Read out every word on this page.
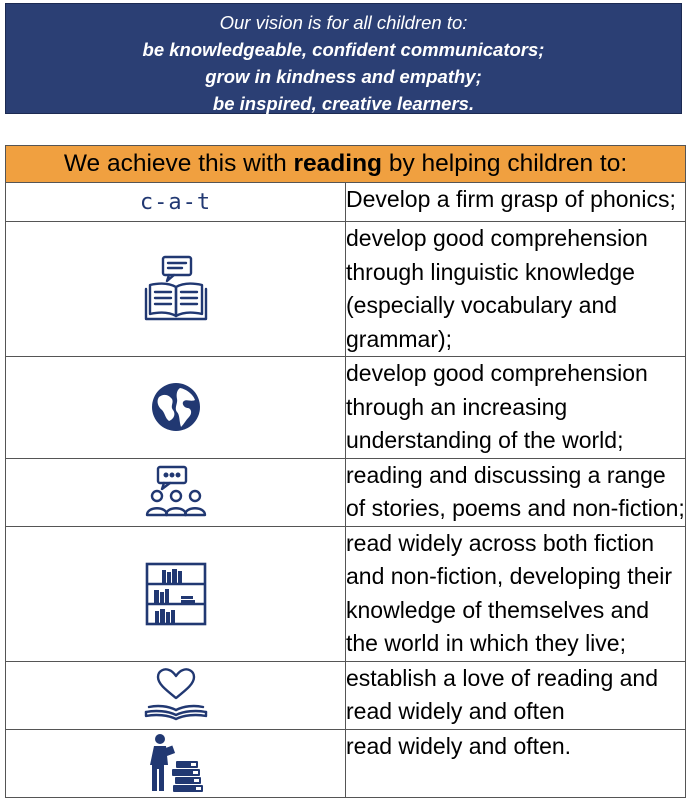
Our vision is for all children to:
be knowledgeable, confident communicators;
grow in kindness and empathy;
be inspired, creative learners.
We achieve this with reading by helping children to:	
c-a-t	Develop a firm grasp of phonics;

	develop good comprehension through linguistic knowledge (especially vocabulary and grammar);

	develop good comprehension through an increasing understanding of the world;

	reading and discussing a range of stories, poems and non-fiction;

	read widely across both fiction and non-fiction, developing their knowledge of themselves and the world in which they live;

	establish a love of reading and read widely and often

	read widely and often.
